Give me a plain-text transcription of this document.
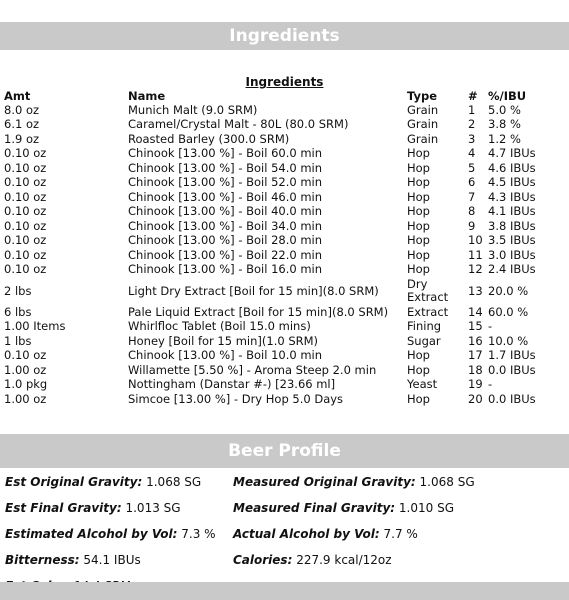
Ingredients
Ingredients
Amt	Name	Type	#	%/IBU
8.0 oz	Munich Malt (9.0 SRM)	Grain	1	5.0 %
6.1 oz	Caramel/Crystal Malt - 80L (80.0 SRM)	Grain	2	3.8 %
1.9 oz	Roasted Barley (300.0 SRM)	Grain	3	1.2 %
0.10 oz	Chinook [13.00 %] - Boil 60.0 min	Hop	4	4.7 IBUs
0.10 oz	Chinook [13.00 %] - Boil 54.0 min	Hop	5	4.6 IBUs
0.10 oz	Chinook [13.00 %] - Boil 52.0 min	Hop	6	4.5 IBUs
0.10 oz	Chinook [13.00 %] - Boil 46.0 min	Hop	7	4.3 IBUs
0.10 oz	Chinook [13.00 %] - Boil 40.0 min	Hop	8	4.1 IBUs
0.10 oz	Chinook [13.00 %] - Boil 34.0 min	Hop	9	3.8 IBUs
0.10 oz	Chinook [13.00 %] - Boil 28.0 min	Hop	10	3.5 IBUs
0.10 oz	Chinook [13.00 %] - Boil 22.0 min	Hop	11	3.0 IBUs
0.10 oz	Chinook [13.00 %] - Boil 16.0 min	Hop	12	2.4 IBUs
2 lbs	Light Dry Extract [Boil for 15 min](8.0 SRM)	Dry Extract	13	20.0 %
6 lbs	Pale Liquid Extract [Boil for 15 min](8.0 SRM)	Extract	14	60.0 %
1.00 Items	Whirlfloc Tablet (Boil 15.0 mins)	Fining	15	-
1 lbs	Honey [Boil for 15 min](1.0 SRM)	Sugar	16	10.0 %
0.10 oz	Chinook [13.00 %] - Boil 10.0 min	Hop	17	1.7 IBUs
1.00 oz	Willamette [5.50 %] - Aroma Steep 2.0 min	Hop	18	0.0 IBUs
1.0 pkg	Nottingham (Danstar #-) [23.66 ml]	Yeast	19	-
1.00 oz	Simcoe [13.00 %] - Dry Hop 5.0 Days	Hop	20	0.0 IBUs
Beer Profile
Est Original Gravity: 1.068 SG	Measured Original Gravity: 1.068 SG
Est Final Gravity: 1.013 SG	Measured Final Gravity: 1.010 SG
Estimated Alcohol by Vol: 7.3 % Actual Alcohol by Vol: 7.7 %
Bitterness: 54.1 IBUs	Calories: 227.9 kcal/12oz
